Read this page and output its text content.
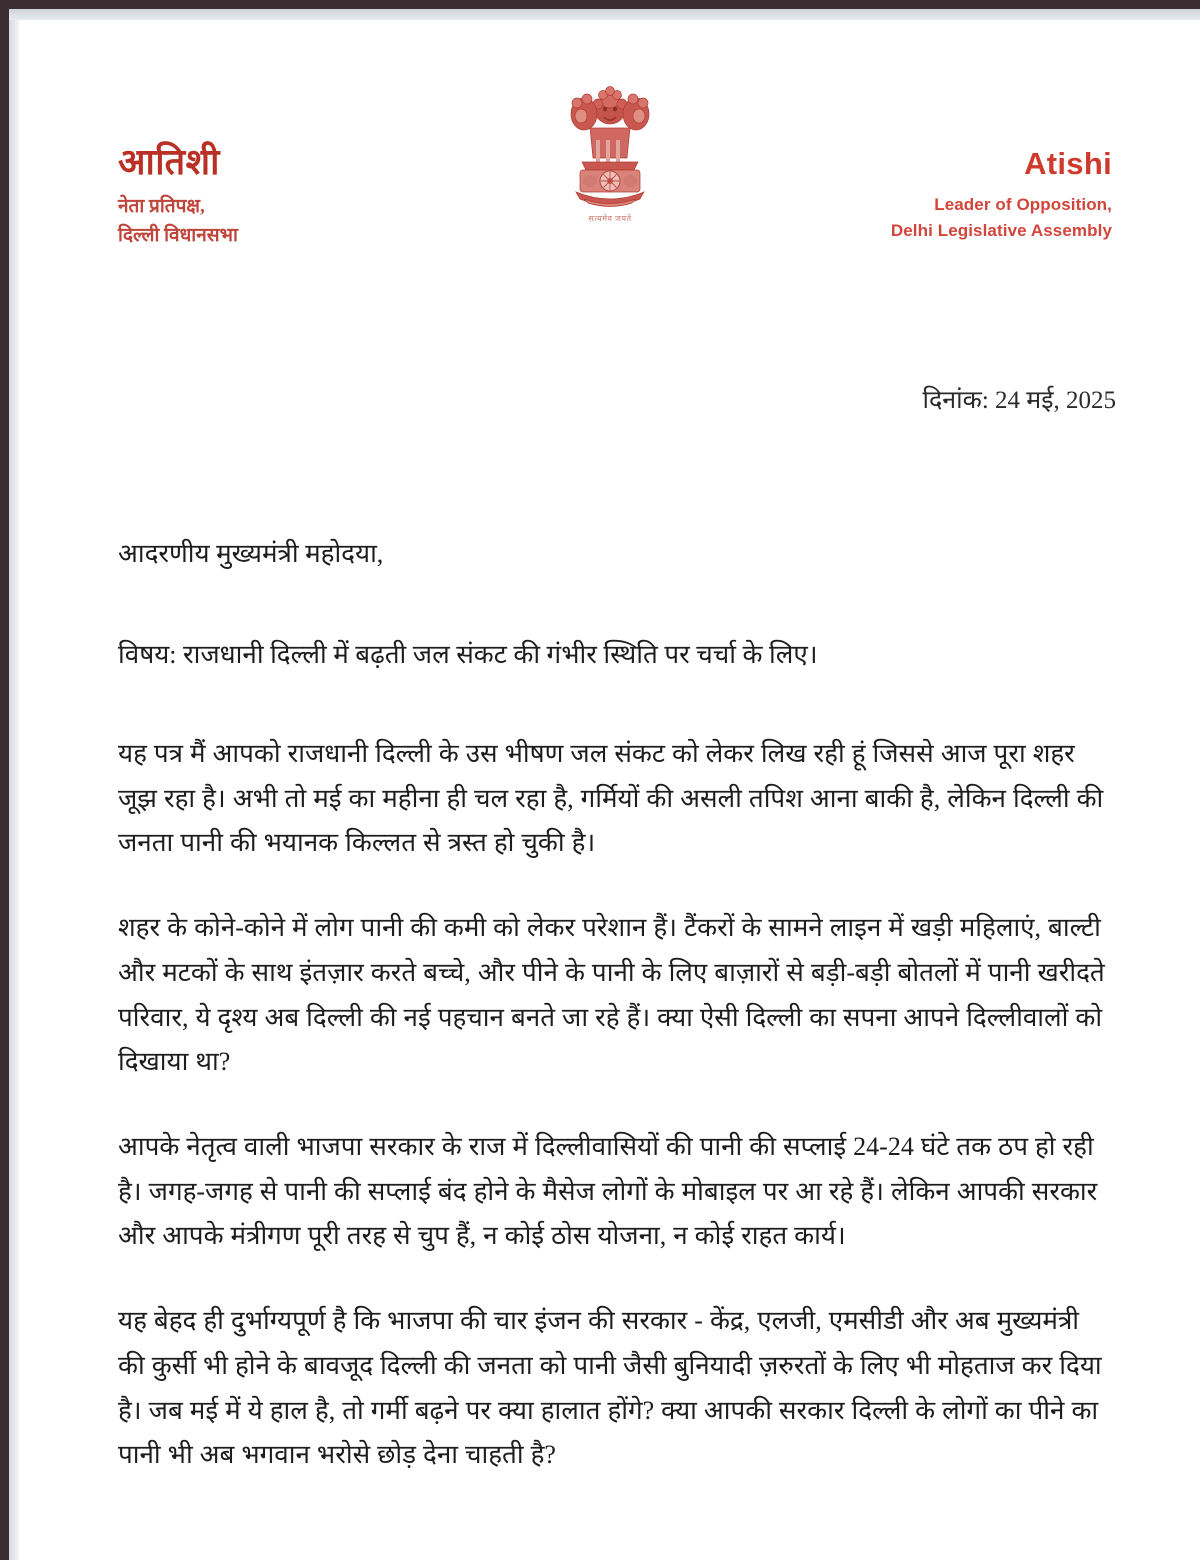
आतिशी
नेता प्रतिपक्ष,
दिल्ली विधानसभा
सत्यमेव जयते
Atishi
Leader of Opposition,
Delhi Legislative Assembly
दिनांक: 24 मई, 2025

आदरणीय मुख्यमंत्री महोदया,

विषय: राजधानी दिल्ली में बढ़ती जल संकट की गंभीर स्थिति पर चर्चा के लिए।

यह पत्र मैं आपको राजधानी दिल्ली के उस भीषण जल संकट को लेकर लिख रही हूं जिससे आज पूरा शहर जूझ रहा है। अभी तो मई का महीना ही चल रहा है, गर्मियों की असली तपिश आना बाकी है, लेकिन दिल्ली की जनता पानी की भयानक किल्लत से त्रस्त हो चुकी है।

शहर के कोने-कोने में लोग पानी की कमी को लेकर परेशान हैं। टैंकरों के सामने लाइन में खड़ी महिलाएं, बाल्टी और मटकों के साथ इंतज़ार करते बच्चे, और पीने के पानी के लिए बाज़ारों से बड़ी-बड़ी बोतलों में पानी खरीदते परिवार, ये दृश्य अब दिल्ली की नई पहचान बनते जा रहे हैं। क्या ऐसी दिल्ली का सपना आपने दिल्लीवालों को दिखाया था?

आपके नेतृत्व वाली भाजपा सरकार के राज में दिल्लीवासियों की पानी की सप्लाई 24-24 घंटे तक ठप हो रही है। जगह-जगह से पानी की सप्लाई बंद होने के मैसेज लोगों के मोबाइल पर आ रहे हैं। लेकिन आपकी सरकार और आपके मंत्रीगण पूरी तरह से चुप हैं, न कोई ठोस योजना, न कोई राहत कार्य।

यह बेहद ही दुर्भाग्यपूर्ण है कि भाजपा की चार इंजन की सरकार - केंद्र, एलजी, एमसीडी और अब मुख्यमंत्री की कुर्सी भी होने के बावजूद दिल्ली की जनता को पानी जैसी बुनियादी ज़रुरतों के लिए भी मोहताज कर दिया है। जब मई में ये हाल है, तो गर्मी बढ़ने पर क्या हालात होंगे? क्या आपकी सरकार दिल्ली के लोगों का पीने का पानी भी अब भगवान भरोसे छोड़ देना चाहती है?
